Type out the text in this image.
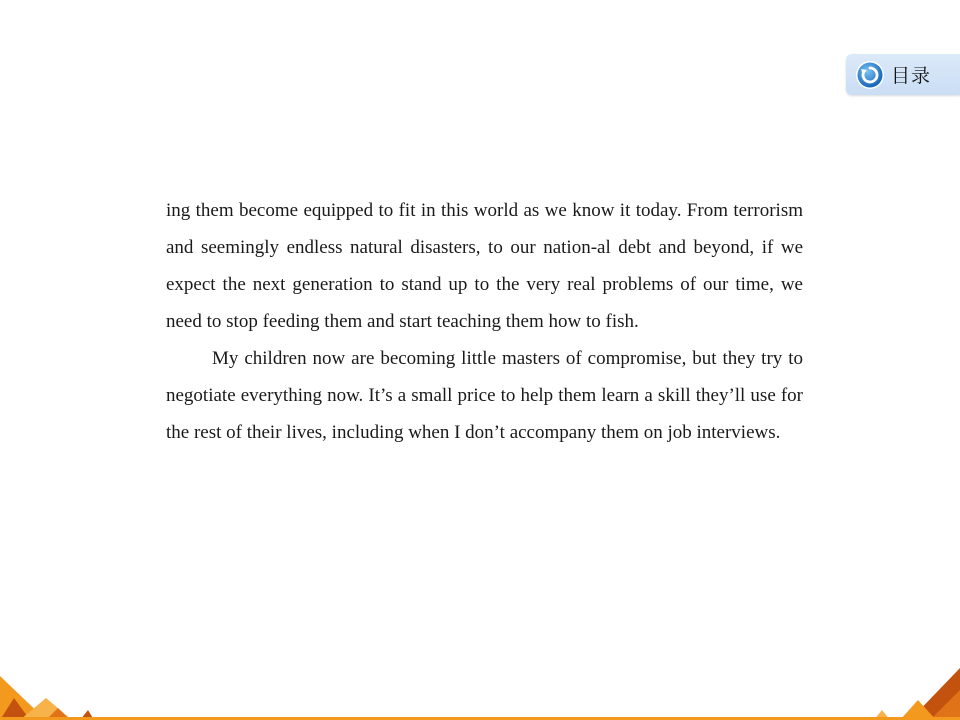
目录

ing them become equipped to fit in this world as we know it today. From terrorism and seemingly endless natural disasters, to our nation-al debt and beyond, if we expect the next generation to stand up to the very real problems of our time, we need to stop feeding them and start teaching them how to fish.

My children now are becoming little masters of compromise, but they try to negotiate everything now. It’s a small price to help them learn a skill they’ll use for the rest of their lives, including when I don’t accompany them on job interviews.
